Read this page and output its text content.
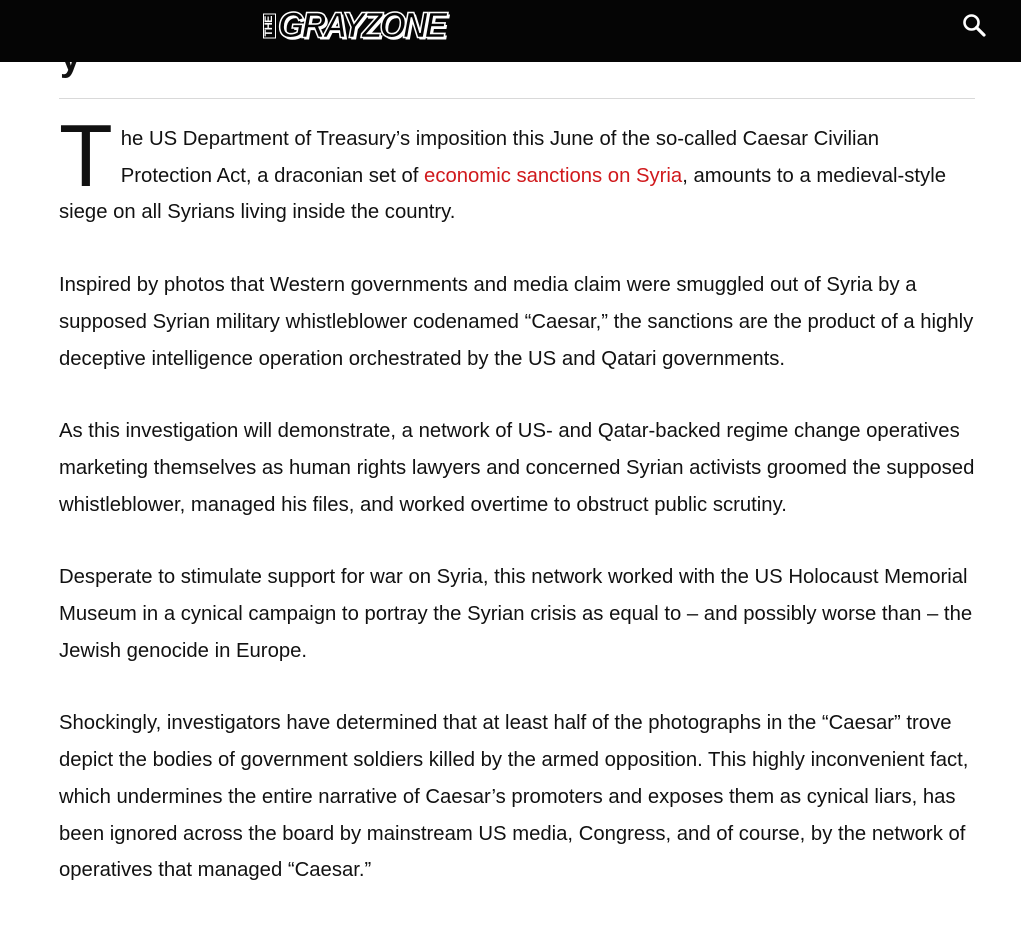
THE GRAYZONE

The US Department of Treasury’s imposition this June of the so-called Caesar Civilian Protection Act, a draconian set of economic sanctions on Syria, amounts to a medieval-style siege on all Syrians living inside the country.

Inspired by photos that Western governments and media claim were smuggled out of Syria by a supposed Syrian military whistleblower codenamed “Caesar,” the sanctions are the product of a highly deceptive intelligence operation orchestrated by the US and Qatari governments.

As this investigation will demonstrate, a network of US- and Qatar-backed regime change operatives marketing themselves as human rights lawyers and concerned Syrian activists groomed the supposed whistleblower, managed his files, and worked overtime to obstruct public scrutiny.

Desperate to stimulate support for war on Syria, this network worked with the US Holocaust Memorial Museum in a cynical campaign to portray the Syrian crisis as equal to – and possibly worse than – the Jewish genocide in Europe.

Shockingly, investigators have determined that at least half of the photographs in the “Caesar” trove depict the bodies of government soldiers killed by the armed opposition. This highly inconvenient fact, which undermines the entire narrative of Caesar’s promoters and exposes them as cynical liars, has been ignored across the board by mainstream US media, Congress, and of course, by the network of operatives that managed “Caesar.”
